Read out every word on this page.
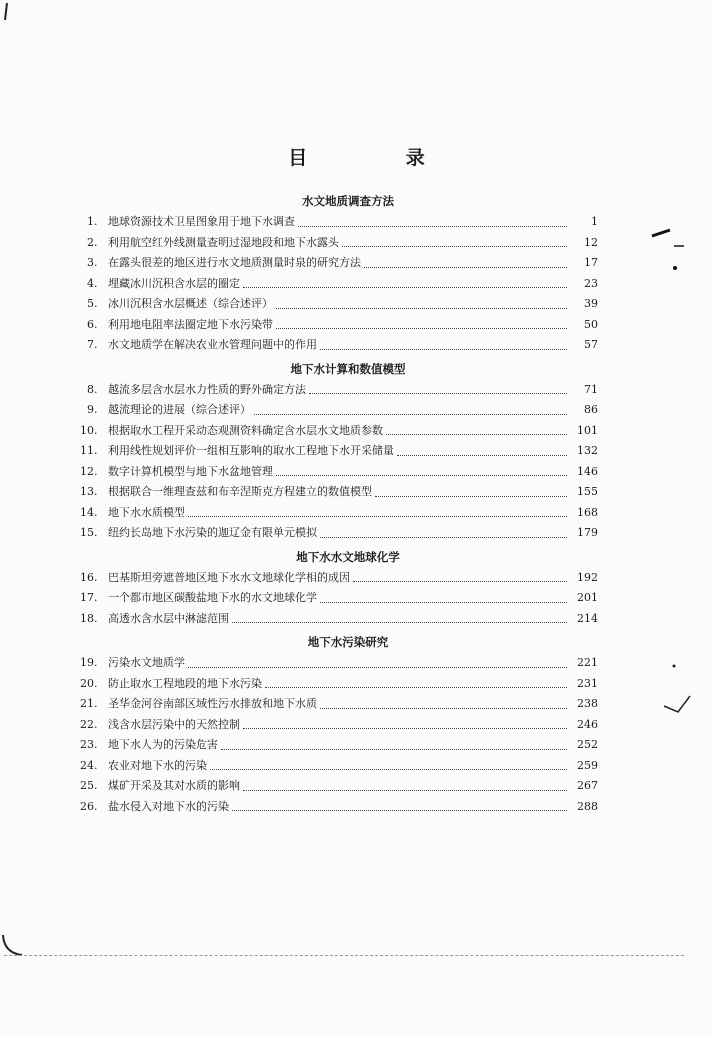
目 录
水文地质调查方法
1 . 地球资源技术卫星图象用于地下水调查	1
2 . 利用航空红外线测量查明过湿地段和地下水露头	12
3 . 在露头很差的地区进行水文地质测量时泉的研究方法	17
4 . 埋藏冰川沉积含水层的圈定	23
5 . 冰川沉积含水层概述（综合述评）	39
6 . 利用地电阻率法圈定地下水污染带	50
7 . 水文地质学在解决农业水管理问题中的作用	57
地下水计算和数值模型
8 . 越流多层含水层水力性质的野外确定方法	71
9 . 越流理论的进展（综合述评）	86
10 . 根据取水工程开采动态观测资料确定含水层水文地质参数	101
11 . 利用线性规划评价一组相互影响的取水工程地下水开采储量	132
12 . 数字计算机模型与地下水盆地管理	146
13 . 根据联合一维理查兹和布辛涅斯克方程建立的数值模型	155
14 . 地下水水质模型	168
15 . 纽约长岛地下水污染的迦辽金有限单元模拟	179
地下水水文地球化学
16 . 巴基斯坦旁遮普地区地下水水文地球化学相的成因	192
17 . 一个都市地区碳酸盐地下水的水文地球化学	201
18 . 高透水含水层中淋滤范围	214
地下水污染研究
19 . 污染水文地质学	221
20 . 防止取水工程地段的地下水污染	231
21 . 圣华金河谷南部区域性污水排放和地下水质	238
22 . 浅含水层污染中的天然控制	246
23 . 地下水人为的污染危害	252
24 . 农业对地下水的污染	259
25 . 煤矿开采及其对水质的影响	267
26 . 盐水侵入对地下水的污染	288
